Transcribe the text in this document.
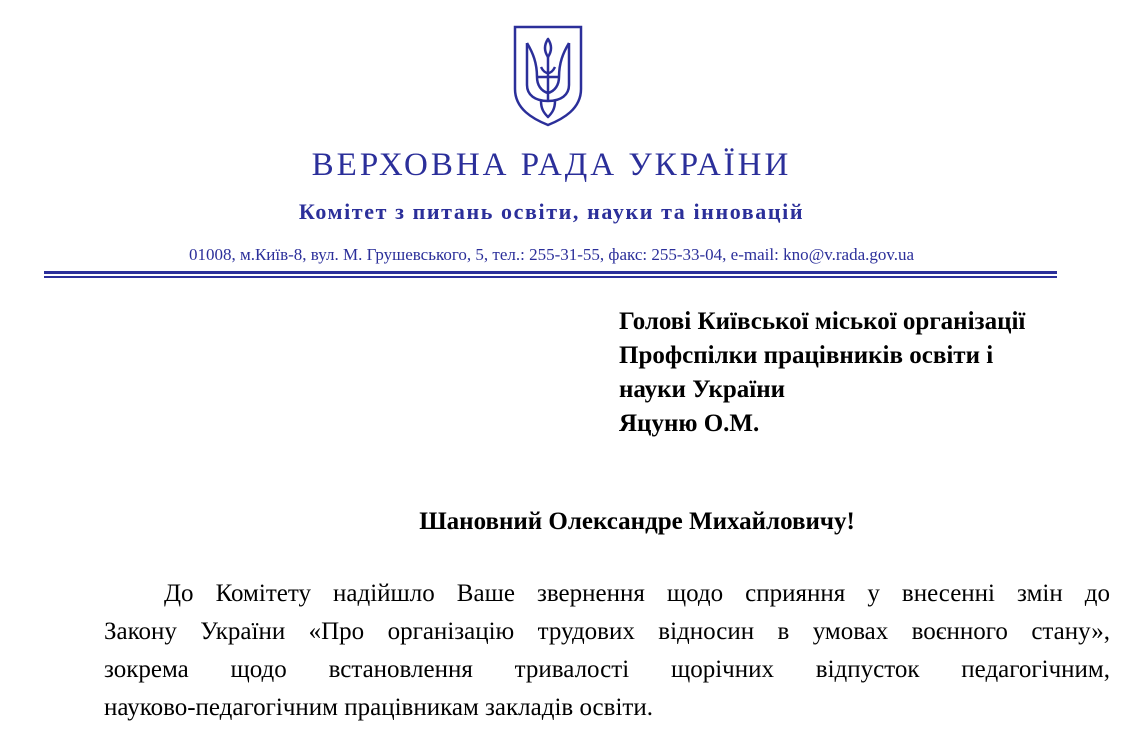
ВЕРХОВНА РАДА УКРАЇНИ
Комітет з питань освіти, науки та інновацій
01008, м.Київ-8, вул. М. Грушевського, 5, тел.: 255-31-55, факс: 255-33-04, e-mail: kno@v.rada.gov.ua
Голові Київської міської організації
Профспілки працівників освіти і
науки України
Яцуню О.М.
Шановний Олександре Михайловичу!
До Комітету надійшло Ваше звернення щодо сприяння у внесенні змін до
Закону України «Про організацію трудових відносин в умовах воєнного стану»,
зокрема щодо встановлення тривалості щорічних відпусток педагогічним,
науково-педагогічним працівникам закладів освіти.
